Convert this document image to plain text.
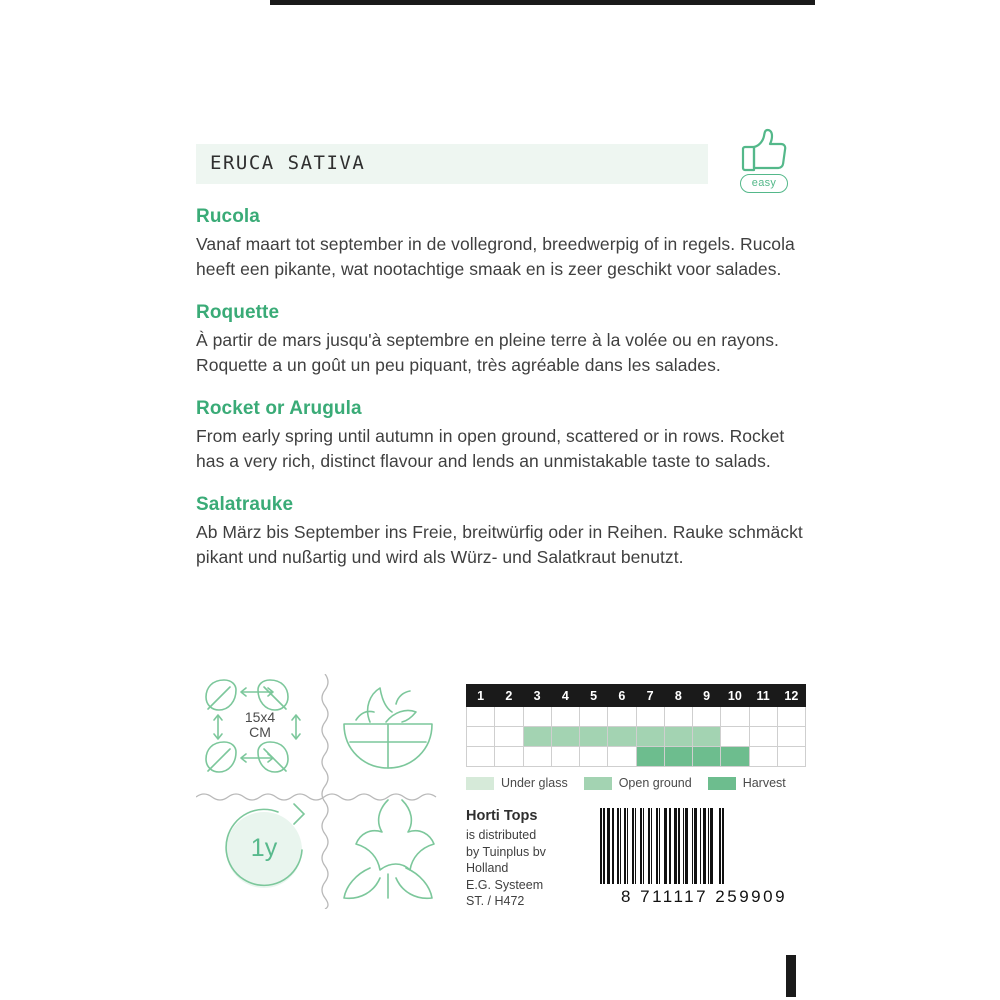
ERUCA SATIVA
easy
Rucola

Vanaf maart tot september in de vollegrond, breedwerpig of in regels. Rucola heeft een pikante, wat nootachtige smaak en is zeer geschikt voor salades.

Roquette

À partir de mars jusqu'à septembre en pleine terre à la volée ou en rayons. Roquette a un goût un peu piquant, très agréable dans les salades.

Rocket or Arugula

From early spring until autumn in open ground, scattered or in rows. Rocket has a very rich, distinct flavour and lends an unmistakable taste to salads.

Salatrauke

Ab März bis September ins Freie, breitwürfig oder in Reihen. Rauke schmäckt pikant und nußartig und wird als Würz- und Salatkraut benutzt.

15x4
CM
1y
1	2	3	4	5	6	7	8	9	10	11	12

Under glass	Open ground	Harvest

Horti Tops

is distributed
by Tuinplus bv
Holland
E.G. Systeem
ST. / H472	8 711117 259909
